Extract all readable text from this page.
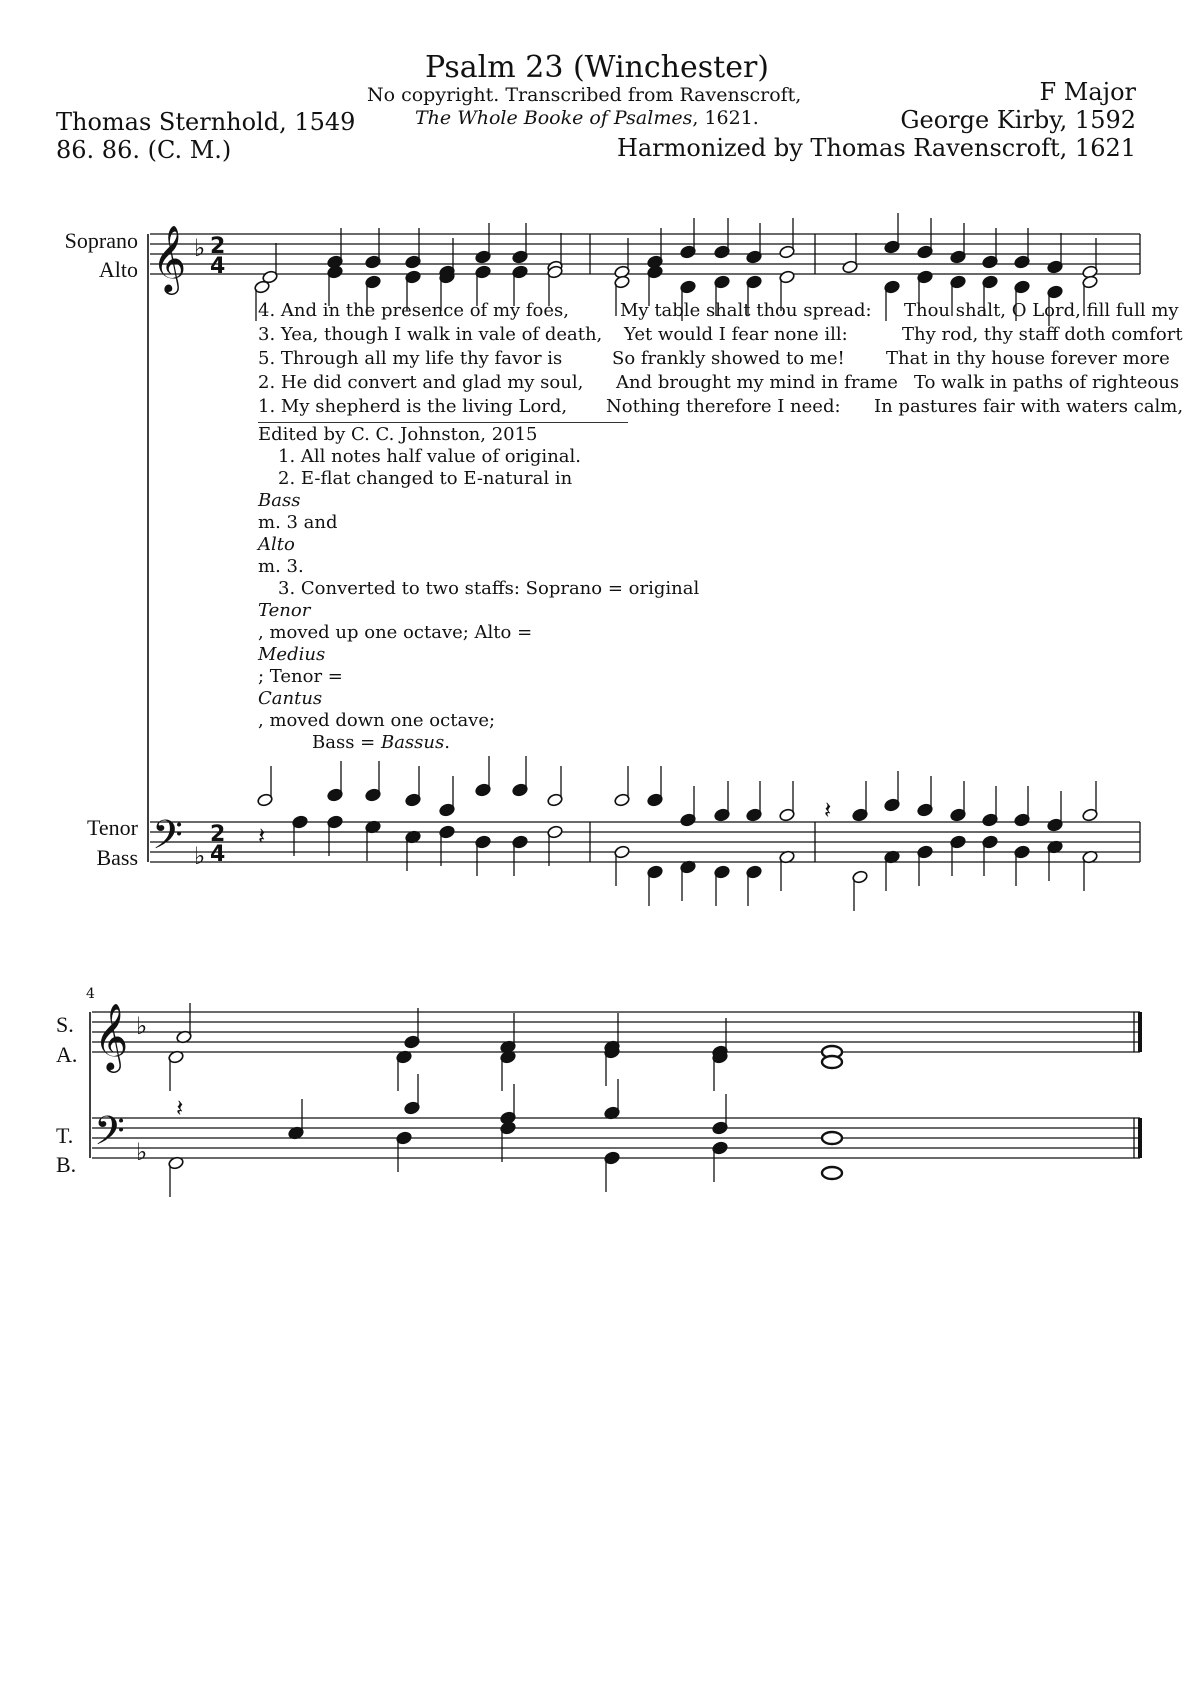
Psalm 23 (Winchester)
No copyright. Transcribed from Ravenscroft,
The Whole Booke of Psalmes, 1621.
F Major
Thomas Sternhold, 1549	George Kirby, 1592
86. 86. (C. M.)	Harmonized by Thomas Ravenscroft, 1621
Soprano
Alto
Tenor
Bass
4
S.
A.
T.
B.
4. And in the presence of my foes,	My table shalt thou spread: Thou shalt, O Lord, fill full my
3. Yea, though I walk in vale of death, Yet would I fear none ill:	Thy rod, thy staff doth comfort
5. Through all my life thy favor is	So frankly showed to me! That in thy house forever more
2. He did convert and glad my soul, And brought my mind in frame To walk in paths of righteous
1. My shepherd is the living Lord, Nothing therefore I need: In pastures fair with waters calm,
Edited by C. C. Johnston, 2015
1. All notes half value of original.
2. E-flat changed to E-natural in
Bass
m. 3 and
Alto
m. 3.
3. Converted to two staffs: Soprano = original
Tenor
, moved up one octave; Alto =
Medius
; Tenor =
Cantus
, moved down one octave;
Bass = Bassus.
𝄞
𝄢
♭
♭
2
4
2
4
𝄽
𝄽
𝄽
𝄞
𝄢
♭
♭
𝄽
